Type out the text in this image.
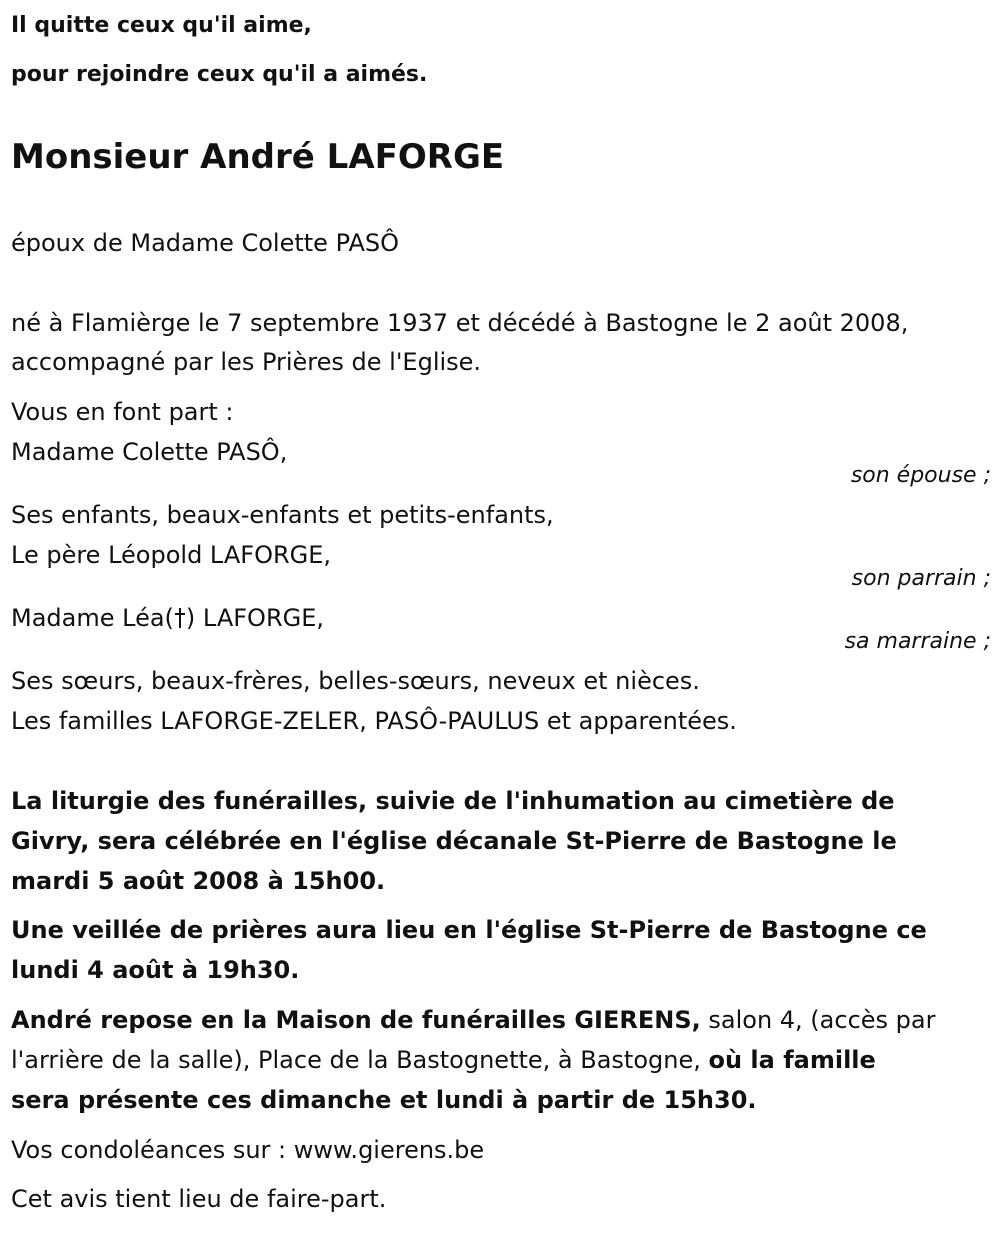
Il quitte ceux qu'il aime,
pour rejoindre ceux qu'il a aimés.
Monsieur André LAFORGE
époux de Madame Colette PASÔ
né à Flamièrge le 7 septembre 1937 et décédé à Bastogne le 2 août 2008,
accompagné par les Prières de l'Eglise.
Vous en font part :
Madame Colette PASÔ,
son épouse ;
Ses enfants, beaux-enfants et petits-enfants,
Le père Léopold LAFORGE,
son parrain ;
Madame Léa( ) LAFORGE,
sa marraine ;
Ses sœurs, beaux-frères, belles-sœurs, neveux et nièces.
Les familles LAFORGE-ZELER, PASÔ-PAULUS et apparentées.
La liturgie des funérailles, suivie de l'inhumation au cimetière de
Givry, sera célébrée en l'église décanale St-Pierre de Bastogne le
mardi 5 août 2008 à 15h00.
Une veillée de prières aura lieu en l'église St-Pierre de Bastogne ce
lundi 4 août à 19h30.
André repose en la Maison de funérailles GIERENS, salon 4, (accès par
l'arrière de la salle), Place de la Bastognette, à Bastogne, où la famille
sera présente ces dimanche et lundi à partir de 15h30.
Vos condoléances sur : www.gierens.be
Cet avis tient lieu de faire-part.
